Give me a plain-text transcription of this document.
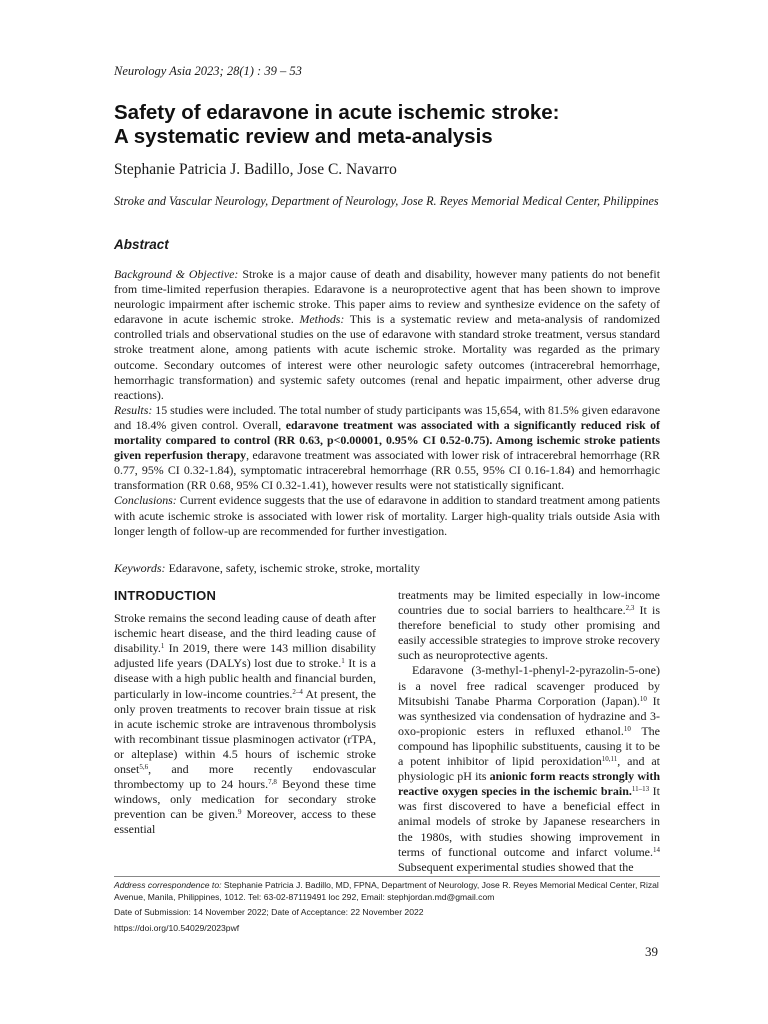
Neurology Asia 2023; 28(1) : 39 – 53
Safety of edaravone in acute ischemic stroke:
A systematic review and meta-analysis
Stephanie Patricia J. Badillo, Jose C. Navarro
Stroke and Vascular Neurology, Department of Neurology, Jose R. Reyes Memorial Medical Center, Philippines
Abstract

Background & Objective: Stroke is a major cause of death and disability, however many patients do not benefit from time-limited reperfusion therapies. Edaravone is a neuroprotective agent that has been shown to improve neurologic impairment after ischemic stroke. This paper aims to review and synthesize evidence on the safety of edaravone in acute ischemic stroke. Methods: This is a systematic review and meta-analysis of randomized controlled trials and observational studies on the use of edaravone with standard stroke treatment, versus standard stroke treatment alone, among patients with acute ischemic stroke. Mortality was regarded as the primary outcome. Secondary outcomes of interest were other neurologic safety outcomes (intracerebral hemorrhage, hemorrhagic transformation) and systemic safety outcomes (renal and hepatic impairment, other adverse drug reactions).

Results: 15 studies were included. The total number of study participants was 15,654, with 81.5% given edaravone and 18.4% given control. Overall, edaravone treatment was associated with a significantly reduced risk of mortality compared to control (RR 0.63, p<0.00001, 0.95% CI 0.52-0.75). Among ischemic stroke patients given reperfusion therapy, edaravone treatment was associated with lower risk of intracerebral hemorrhage (RR 0.77, 95% CI 0.32-1.84), symptomatic intracerebral hemorrhage (RR 0.55, 95% CI 0.16-1.84) and hemorrhagic transformation (RR 0.68, 95% CI 0.32-1.41), however results were not statistically significant.

Conclusions: Current evidence suggests that the use of edaravone in addition to standard treatment among patients with acute ischemic stroke is associated with lower risk of mortality. Larger high-quality trials outside Asia with longer length of follow-up are recommended for further investigation.

Keywords: Edaravone, safety, ischemic stroke, stroke, mortality
INTRODUCTION

Stroke remains the second leading cause of death after ischemic heart disease, and the third leading cause of disability.$^1$ In 2019, there were 143 million disability adjusted life years (DALYs) lost due to stroke.$^1$ It is a disease with a high public health and financial burden, particularly in low-income countries.$^{2-4}$ At present, the only proven treatments to recover brain tissue at risk in acute ischemic stroke are intravenous thrombolysis with recombinant tissue plasminogen activator (rTPA, or alteplase) within 4.5 hours of ischemic stroke onset$^{5,6}$, and more recently endovascular thrombectomy up to 24 hours.$^{7,8}$ Beyond these time windows, only medication for secondary stroke prevention can be given.$^9$ Moreover, access to these essential

treatments may be limited especially in low-income countries due to social barriers to healthcare.$^{2,3}$ It is therefore beneficial to study other promising and easily accessible strategies to improve stroke recovery such as neuroprotective agents.

Edaravone (3-methyl-1-phenyl-2-pyrazolin-5-one) is a novel free radical scavenger produced by Mitsubishi Tanabe Pharma Corporation (Japan).$^{10}$ It was synthesized via condensation of hydrazine and 3-oxo-propionic esters in refluxed ethanol.$^{10}$ The compound has lipophilic substituents, causing it to be a potent inhibitor of lipid peroxidation$^{10,11}$, and at physiologic pH its anionic form reacts strongly with reactive oxygen species in the ischemic brain.$^{11-13}$ It was first discovered to have a beneficial effect in animal models of stroke by Japanese researchers in the 1980s, with studies showing improvement in terms of functional outcome and infarct volume.$^{14}$ Subsequent experimental studies showed that the

Address correspondence to: Stephanie Patricia J. Badillo, MD, FPNA, Department of Neurology, Jose R. Reyes Memorial Medical Center, Rizal Avenue, Manila, Philippines, 1012. Tel: 63-02-87119491 loc 292, Email: stephjordan.md@gmail.com

Date of Submission: 14 November 2022; Date of Acceptance: 22 November 2022

https://doi.org/10.54029/2023pwf

39
